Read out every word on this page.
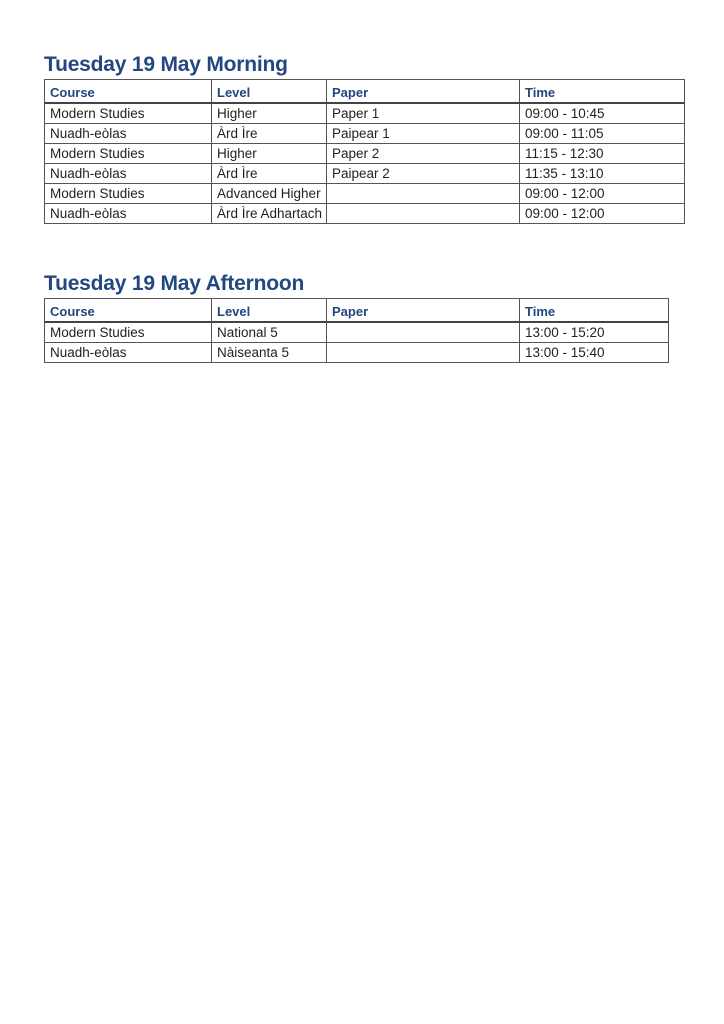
Tuesday 19 May Morning
Course	Level	Paper	Time
Modern Studies	Higher	Paper 1	09:00 - 10:45
Nuadh-eòlas	Àrd Ìre	Paipear 1	09:00 - 11:05
Modern Studies	Higher	Paper 2	11:15 - 12:30
Nuadh-eòlas	Àrd Ìre	Paipear 2	11:35 - 13:10
Modern Studies	Advanced Higher		09:00 - 12:00
Nuadh-eòlas	Àrd Ìre Adhartach		09:00 - 12:00
Tuesday 19 May Afternoon
Course	Level	Paper	Time
Modern Studies	National 5		13:00 - 15:20
Nuadh-eòlas	Nàiseanta 5		13:00 - 15:40
